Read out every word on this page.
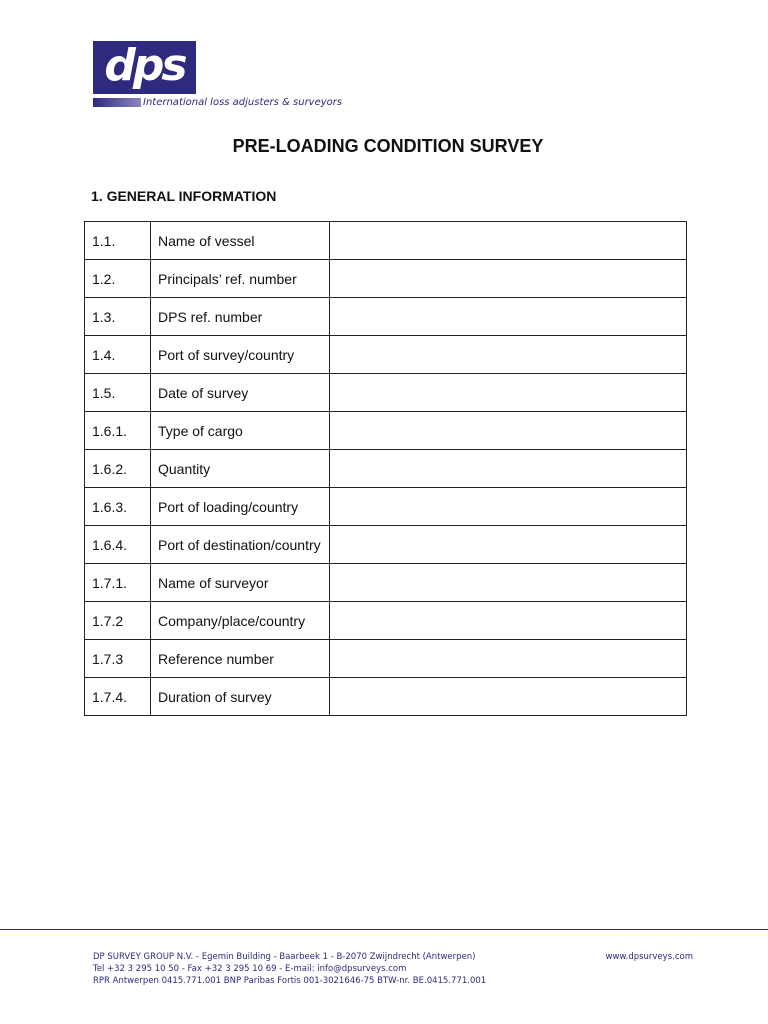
dps
International loss adjusters & surveyors
PRE-LOADING CONDITION SURVEY
1. GENERAL INFORMATION
1.1.	Name of vessel	
1.2.	Principals’ ref. number	
1.3.	DPS ref. number	
1.4.	Port of survey/country	
1.5.	Date of survey	
1.6.1.	Type of cargo	
1.6.2.	Quantity	
1.6.3.	Port of loading/country	
1.6.4.	Port of destination/country	
1.7.1.	Name of surveyor	
1.7.2	Company/place/country	
1.7.3	Reference number	
1.7.4.	Duration of survey	
DP SURVEY GROUP N.V. - Egemin Building - Baarbeek 1 - B-2070 Zwijndrecht (Antwerpen)
Tel +32 3 295 10 50 - Fax +32 3 295 10 69 - E-mail: info@dpsurveys.com
RPR Antwerpen 0415.771.001 BNP Paribas Fortis 001-3021646-75 BTW-nr. BE.0415.771.001
www.dpsurveys.com
